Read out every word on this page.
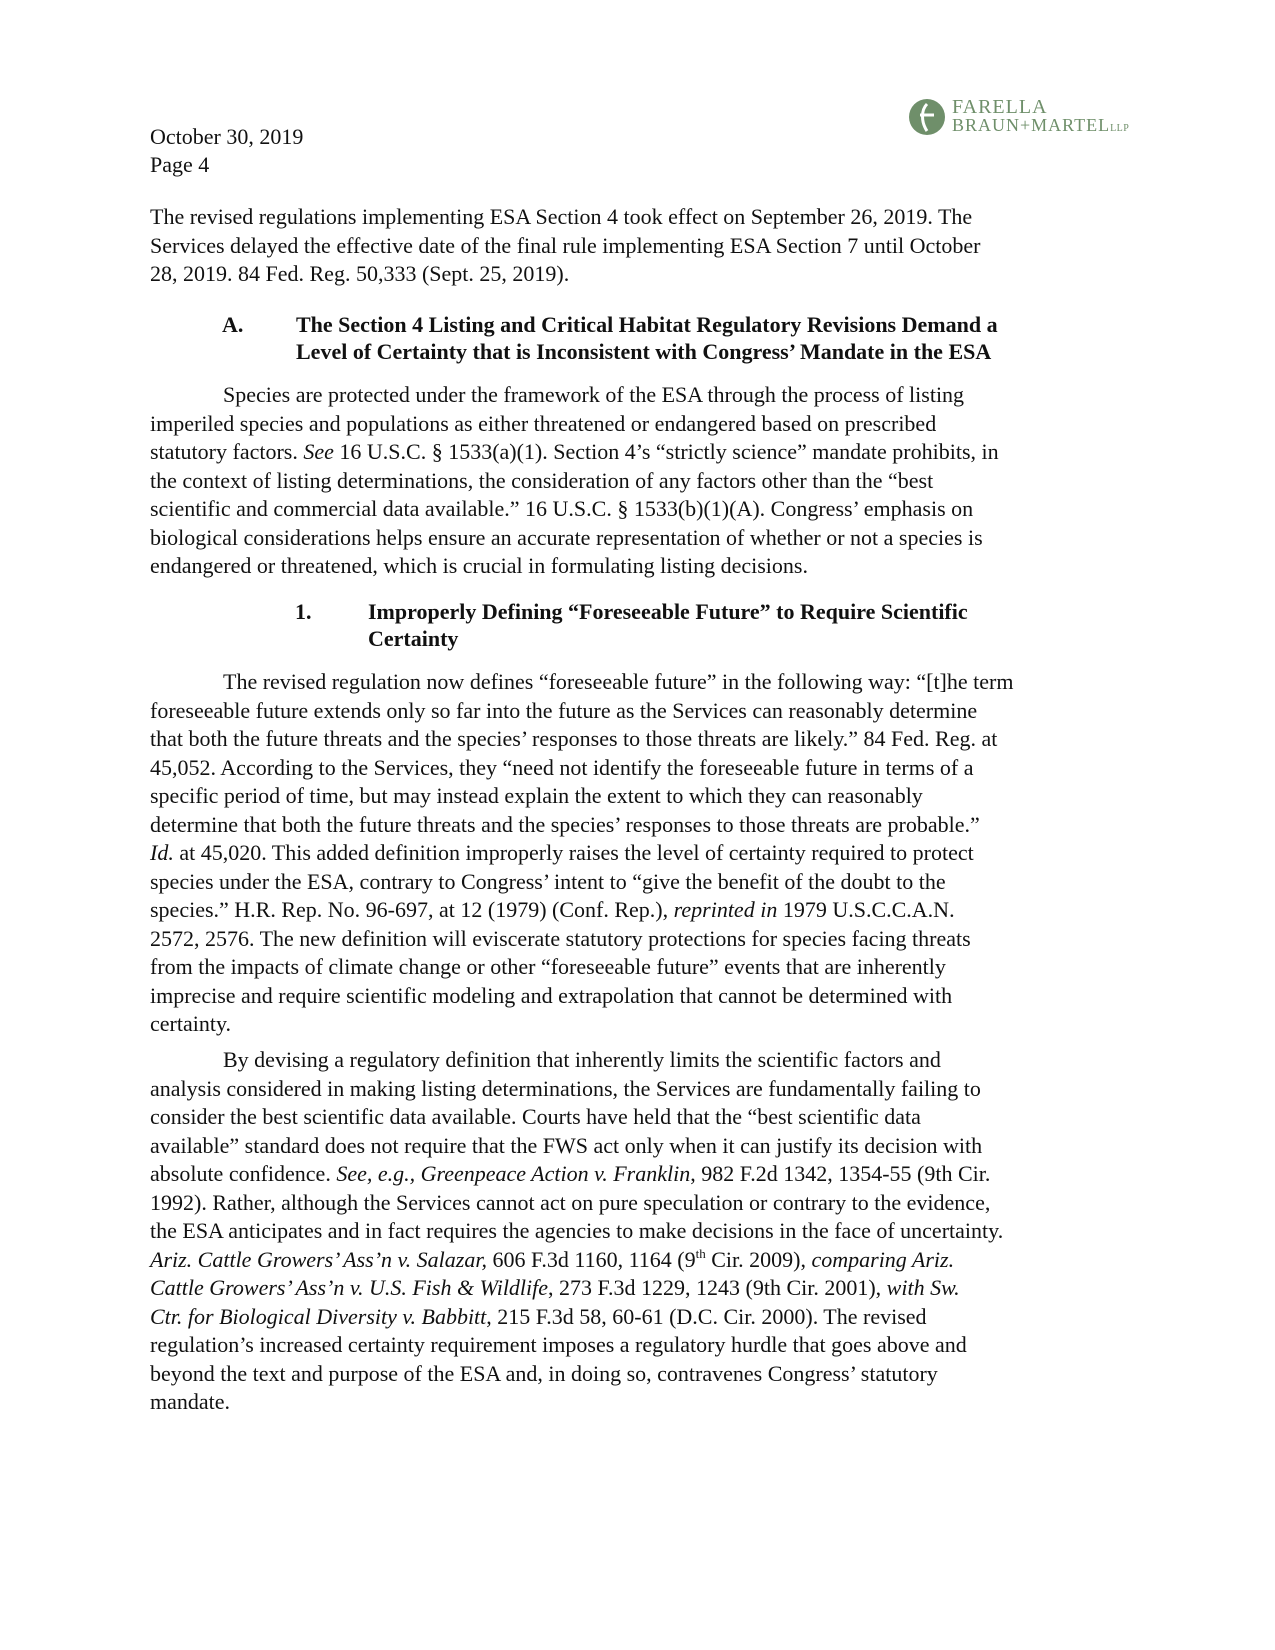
FARELLA
BRAUN+MARTELLLP
October 30, 2019
Page 4
The revised regulations implementing ESA Section 4 took effect on September 26, 2019. The
Services delayed the effective date of the final rule implementing ESA Section 7 until October
28, 2019. 84 Fed. Reg. 50,333 (Sept. 25, 2019).
A. The Section 4 Listing and Critical Habitat Regulatory Revisions Demand a
Level of Certainty that is Inconsistent with Congress’ Mandate in the ESA
Species are protected under the framework of the ESA through the process of listing
imperiled species and populations as either threatened or endangered based on prescribed
statutory factors. See 16 U.S.C. § 1533(a)(1). Section 4’s “strictly science” mandate prohibits, in
the context of listing determinations, the consideration of any factors other than the “best
scientific and commercial data available.” 16 U.S.C. § 1533(b)(1)(A). Congress’ emphasis on
biological considerations helps ensure an accurate representation of whether or not a species is
endangered or threatened, which is crucial in formulating listing decisions.
1.	Improperly Defining “Foreseeable Future” to Require Scientific
Certainty
The revised regulation now defines “foreseeable future” in the following way: “[t]he term
foreseeable future extends only so far into the future as the Services can reasonably determine
that both the future threats and the species’ responses to those threats are likely.” 84 Fed. Reg. at
45,052. According to the Services, they “need not identify the foreseeable future in terms of a
specific period of time, but may instead explain the extent to which they can reasonably
determine that both the future threats and the species’ responses to those threats are probable.”
Id. at 45,020. This added definition improperly raises the level of certainty required to protect
species under the ESA, contrary to Congress’ intent to “give the benefit of the doubt to the
species.” H.R. Rep. No. 96-697, at 12 (1979) (Conf. Rep.), reprinted in 1979 U.S.C.C.A.N.
2572, 2576. The new definition will eviscerate statutory protections for species facing threats
from the impacts of climate change or other “foreseeable future” events that are inherently
imprecise and require scientific modeling and extrapolation that cannot be determined with
certainty.
By devising a regulatory definition that inherently limits the scientific factors and
analysis considered in making listing determinations, the Services are fundamentally failing to
consider the best scientific data available. Courts have held that the “best scientific data
available” standard does not require that the FWS act only when it can justify its decision with
absolute confidence. See, e.g., Greenpeace Action v. Franklin, 982 F.2d 1342, 1354-55 (9th Cir.
1992). Rather, although the Services cannot act on pure speculation or contrary to the evidence,
the ESA anticipates and in fact requires the agencies to make decisions in the face of uncertainty.
Ariz. Cattle Growers’ Ass’n v. Salazar, 606 F.3d 1160, 1164 (9th Cir. 2009), comparing Ariz.
Cattle Growers’ Ass’n v. U.S. Fish & Wildlife, 273 F.3d 1229, 1243 (9th Cir. 2001), with Sw.
Ctr. for Biological Diversity v. Babbitt, 215 F.3d 58, 60-61 (D.C. Cir. 2000). The revised
regulation’s increased certainty requirement imposes a regulatory hurdle that goes above and
beyond the text and purpose of the ESA and, in doing so, contravenes Congress’ statutory
mandate.
